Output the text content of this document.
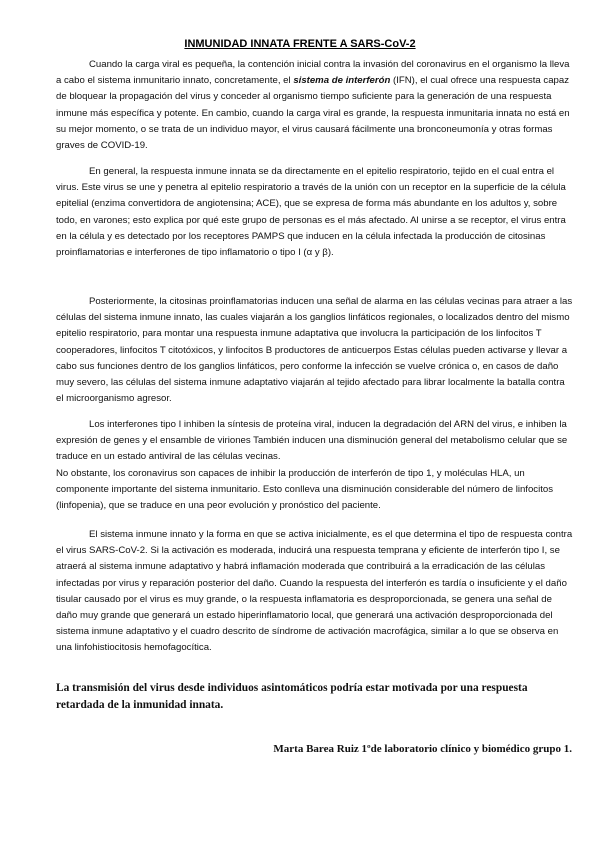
INMUNIDAD INNATA FRENTE A SARS-CoV-2

Cuando la carga viral es pequeña, la contención inicial contra la invasión del coronavirus en el organismo la lleva a cabo el sistema inmunitario innato, concretamente, el sistema de interferón (IFN), el cual ofrece una respuesta capaz de bloquear la propagación del virus y conceder al organismo tiempo suficiente para la generación de una respuesta inmune más específica y potente. En cambio, cuando la carga viral es grande, la respuesta inmunitaria innata no está en su mejor momento, o se trata de un individuo mayor, el virus causará fácilmente una bronconeumonía y otras formas graves de COVID-19.

En general, la respuesta inmune innata se da directamente en el epitelio respiratorio, tejido en el cual entra el virus. Este virus se une y penetra al epitelio respiratorio a través de la unión con un receptor en la superficie de la célula epitelial (enzima convertidora de angiotensina; ACE), que se expresa de forma más abundante en los adultos y, sobre todo, en varones; esto explica por qué este grupo de personas es el más afectado. Al unirse a se receptor, el virus entra en la célula y es detectado por los receptores PAMPS que inducen en la célula infectada la producción de citosinas proinflamatorias e interferones de tipo inflamatorio o tipo I (α y β).

Posteriormente, la citosinas proinflamatorias inducen una señal de alarma en las células vecinas para atraer a las células del sistema inmune innato, las cuales viajarán a los ganglios linfáticos regionales, o localizados dentro del mismo epitelio respiratorio, para montar una respuesta inmune adaptativa que involucra la participación de los linfocitos T cooperadores, linfocitos T citotóxicos, y linfocitos B productores de anticuerpos Estas células pueden activarse y llevar a cabo sus funciones dentro de los ganglios linfáticos, pero conforme la infección se vuelve crónica o, en casos de daño muy severo, las células del sistema inmune adaptativo viajarán al tejido afectado para librar localmente la batalla contra el microorganismo agresor.

Los interferones tipo I inhiben la síntesis de proteína viral, inducen la degradación del ARN del virus, e inhiben la expresión de genes y el ensamble de viriones También inducen una disminución general del metabolismo celular que se traduce en un estado antiviral de las células vecinas.

No obstante, los coronavirus son capaces de inhibir la producción de interferón de tipo 1, y moléculas HLA, un componente importante del sistema inmunitario. Esto conlleva una disminución considerable del número de linfocitos (linfopenia), que se traduce en una peor evolución y pronóstico del paciente.

El sistema inmune innato y la forma en que se activa inicialmente, es el que determina el tipo de respuesta contra el virus SARS-CoV-2. Si la activación es moderada, inducirá una respuesta temprana y eficiente de interferón tipo I, se atraerá al sistema inmune adaptativo y habrá inflamación moderada que contribuirá a la erradicación de las células infectadas por virus y reparación posterior del daño. Cuando la respuesta del interferón es tardía o insuficiente y el daño tisular causado por el virus es muy grande, o la respuesta inflamatoria es desproporcionada, se genera una señal de daño muy grande que generará un estado hiperinflamatorio local, que generará una activación desproporcionada del sistema inmune adaptativo y el cuadro descrito de síndrome de activación macrofágica, similar a lo que se observa en una linfohistiocitosis hemofagocítica.

La transmisión del virus desde individuos asintomáticos podría estar motivada por una respuesta retardada de la inmunidad innata.

Marta Barea Ruiz 1ºde laboratorio clínico y biomédico grupo 1.
